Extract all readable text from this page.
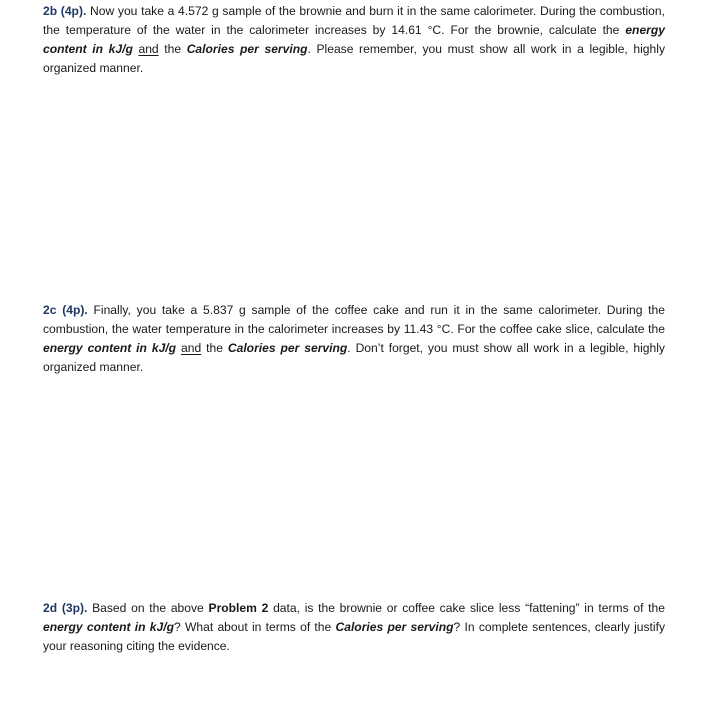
2b (4p). Now you take a 4.572 g sample of the brownie and burn it in the same calorimeter. During the combustion, the temperature of the water in the calorimeter increases by 14.61 °C. For the brownie, calculate the energy content in kJ/g and the Calories per serving. Please remember, you must show all work in a legible, highly organized manner.
2c (4p). Finally, you take a 5.837 g sample of the coffee cake and run it in the same calorimeter. During the combustion, the water temperature in the calorimeter increases by 11.43 °C. For the coffee cake slice, calculate the energy content in kJ/g and the Calories per serving. Don’t forget, you must show all work in a legible, highly organized manner.
2d (3p). Based on the above Problem 2 data, is the brownie or coffee cake slice less “fattening” in terms of the energy content in kJ/g? What about in terms of the Calories per serving? In complete sentences, clearly justify your reasoning citing the evidence.
